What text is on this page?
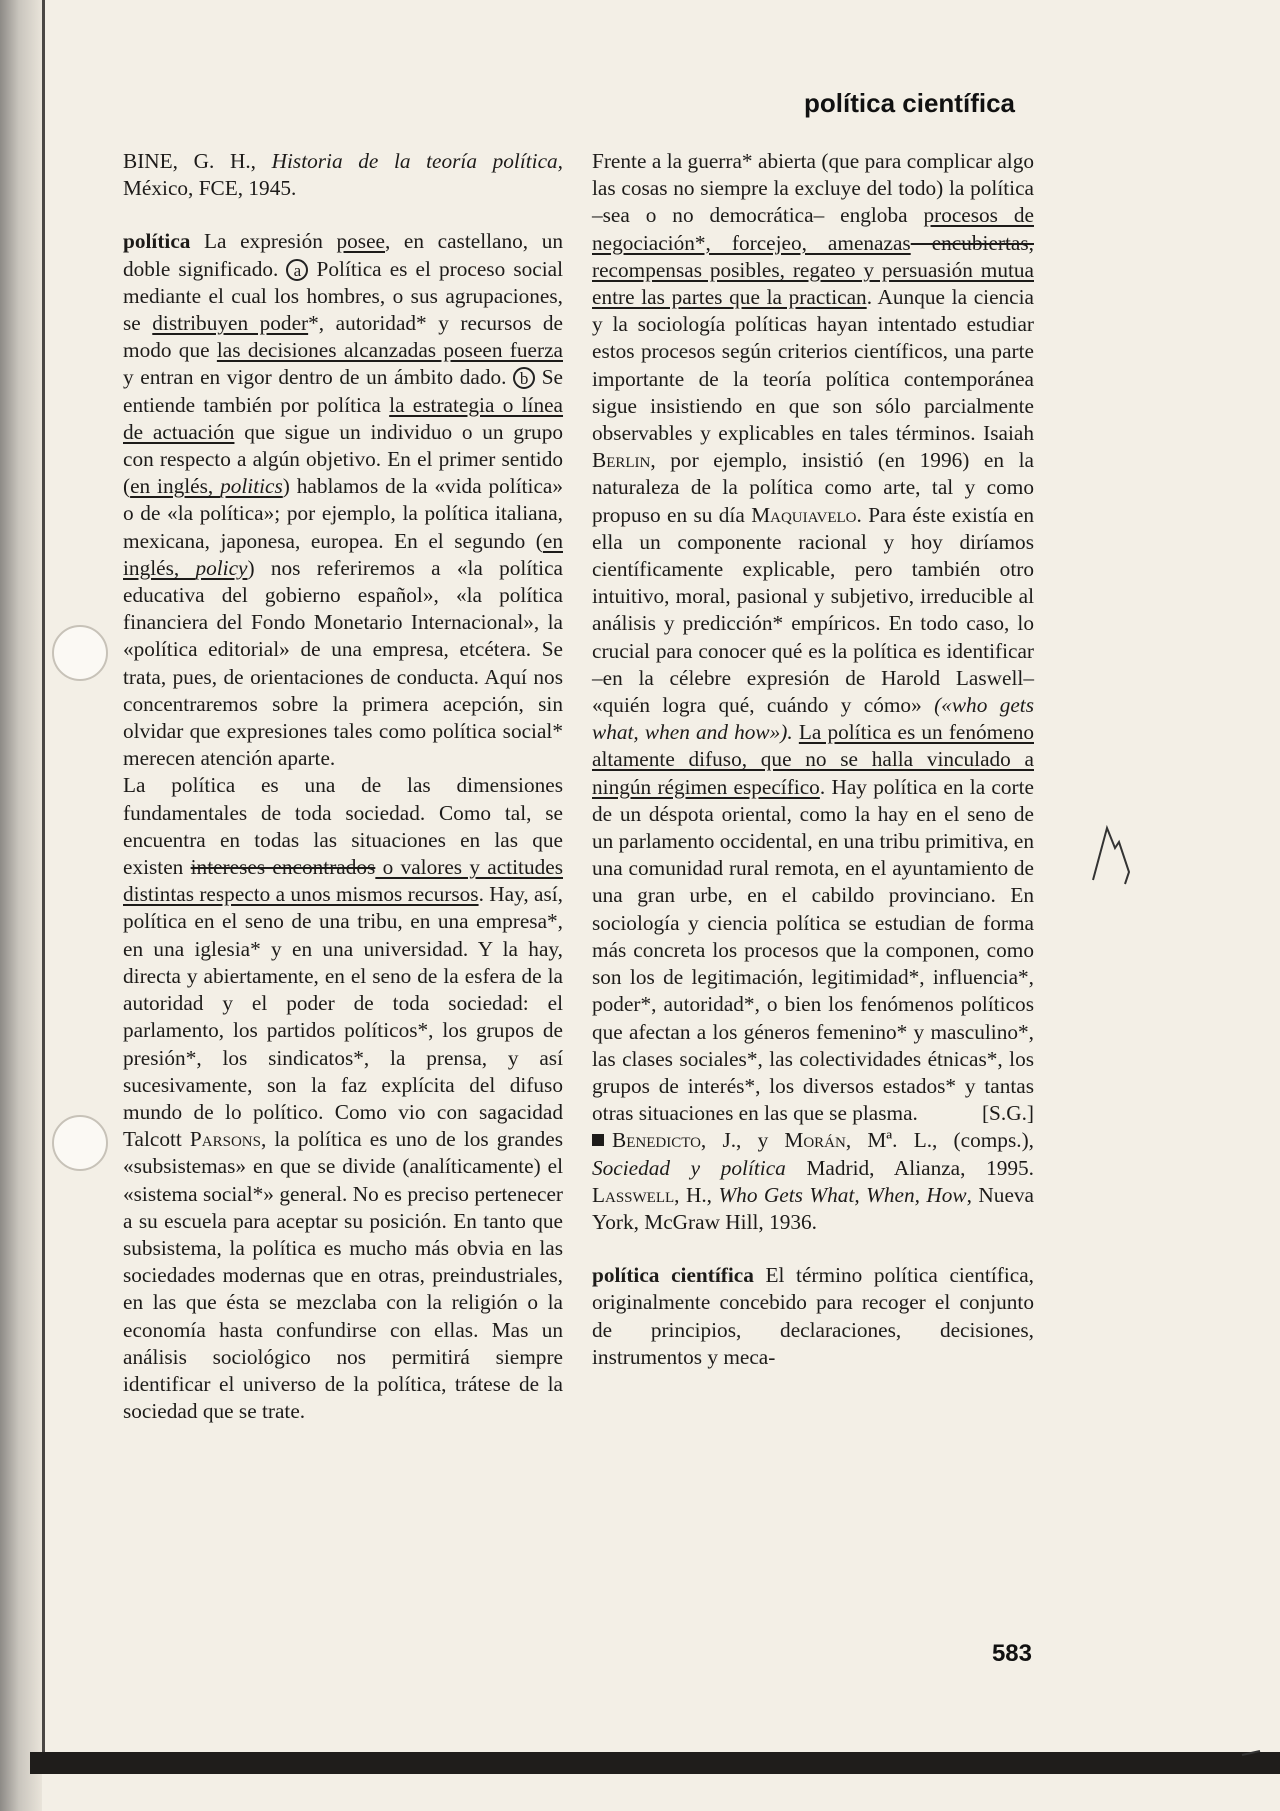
política científica

BINE, G. H., Historia de la teoría política, México, FCE, 1945.

política La expresión posee, en castellano, un doble significado. a Política es el proceso social mediante el cual los hombres, o sus agrupaciones, se distribuyen poder*, autoridad* y recursos de modo que las decisiones alcanzadas poseen fuerza y entran en vigor dentro de un ámbito dado. b Se entiende también por política la estrategia o línea de actuación que sigue un individuo o un grupo con respecto a algún objetivo. En el primer sentido (en inglés, politics) hablamos de la «vida política» o de «la política»; por ejemplo, la política italiana, mexicana, japonesa, europea. En el segundo (en inglés, policy) nos referiremos a «la política educativa del gobierno español», «la política financiera del Fondo Monetario Internacional», la «política editorial» de una empresa, etcétera. Se trata, pues, de orientaciones de conducta. Aquí nos concentraremos sobre la primera acepción, sin olvidar que expresiones tales como política social* merecen atención aparte.

La política es una de las dimensiones fundamentales de toda sociedad. Como tal, se encuentra en todas las situaciones en las que existen intereses encontrados o valores y actitudes distintas respecto a unos mismos recursos. Hay, así, política en el seno de una tribu, en una empresa*, en una iglesia* y en una universidad. Y la hay, directa y abiertamente, en el seno de la esfera de la autoridad y el poder de toda sociedad: el parlamento, los partidos políticos*, los grupos de presión*, los sindicatos*, la prensa, y así sucesivamente, son la faz explícita del difuso mundo de lo político. Como vio con sagacidad Talcott Parsons, la política es uno de los grandes «subsistemas» en que se divide (analíticamente) el «sistema social*» general. No es preciso pertenecer a su escuela para aceptar su posición. En tanto que subsistema, la política es mucho más obvia en las sociedades modernas que en otras, preindustriales, en las que ésta se mezclaba con la religión o la economía hasta confundirse con ellas. Mas un análisis sociológico nos permitirá siempre identificar el universo de la política, trátese de la sociedad que se trate.

Frente a la guerra* abierta (que para complicar algo las cosas no siempre la excluye del todo) la política –sea o no democrática– engloba procesos de negociación*, forcejeo, amenazas encubiertas, recompensas posibles, regateo y persuasión mutua entre las partes que la practican. Aunque la ciencia y la sociología políticas hayan intentado estudiar estos procesos según criterios científicos, una parte importante de la teoría política contemporánea sigue insistiendo en que son sólo parcialmente observables y explicables en tales términos. Isaiah Berlin, por ejemplo, insistió (en 1996) en la naturaleza de la política como arte, tal y como propuso en su día Maquiavelo. Para éste existía en ella un componente racional y hoy diríamos científicamente explicable, pero también otro intuitivo, moral, pasional y subjetivo, irreducible al análisis y predicción* empíricos. En todo caso, lo crucial para conocer qué es la política es identificar –en la célebre expresión de Harold Laswell– «quién logra qué, cuándo y cómo» («who gets what, when and how»). La política es un fenómeno altamente difuso, que no se halla vinculado a ningún régimen específico. Hay política en la corte de un déspota oriental, como la hay en el seno de un parlamento occidental, en una tribu primitiva, en una comunidad rural remota, en el ayuntamiento de una gran urbe, en el cabildo provinciano. En sociología y ciencia política se estudian de forma más concreta los procesos que la componen, como son los de legitimación, legitimidad*, influencia*, poder*, autoridad*, o bien los fenómenos políticos que afectan a los géneros femenino* y masculino*, las clases sociales*, las colectividades étnicas*, los grupos de interés*, los diversos estados* y tantas otras situaciones en las que se plasma.	[S.G.]

Benedicto, J., y Morán, Mª. L., (comps.), Sociedad y política Madrid, Alianza, 1995. Lasswell, H., Who Gets What, When, How, Nueva York, McGraw Hill, 1936.

política científica El término política científica, originalmente concebido para recoger el conjunto de principios, declaraciones, decisiones, instrumentos y meca-

583
